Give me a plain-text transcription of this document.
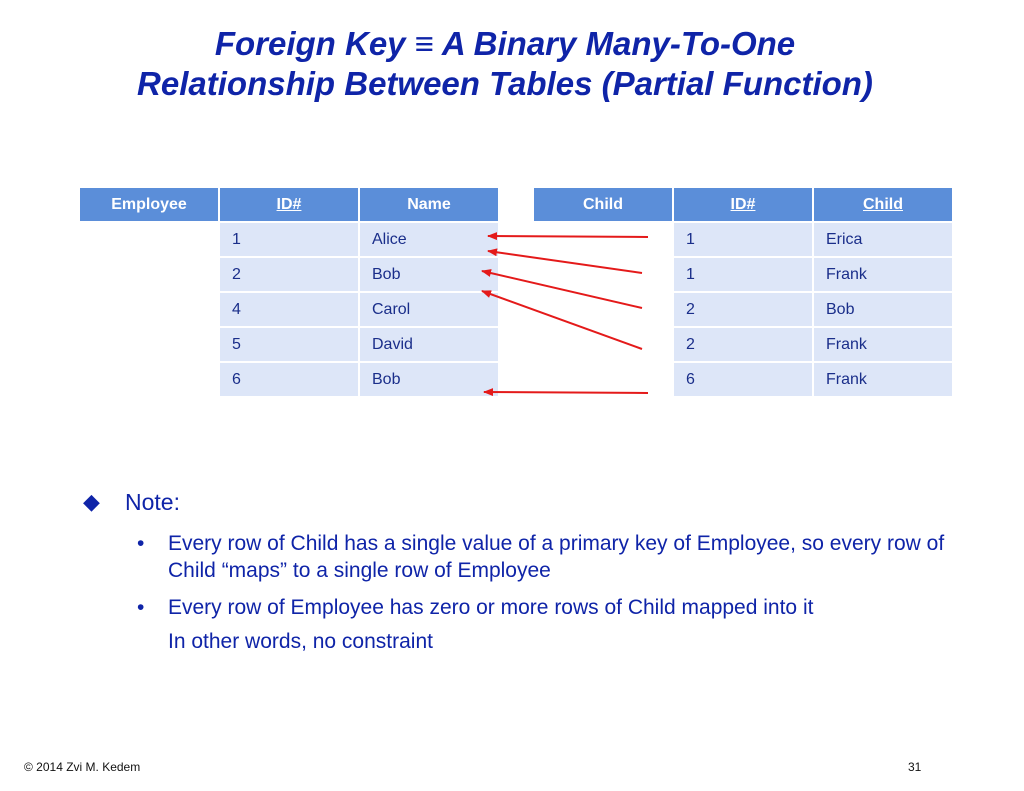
Foreign Key ≡ A Binary Many-To-One
Relationship Between Tables (Partial Function)
Employee	ID#	Name
	1	Alice
	2	Bob
	4	Carol
	5	David
	6	Bob
Child	ID#	Child
	1	Erica
	1	Frank
	2	Bob
	2	Frank
	6	Frank
◆	Note:
• Every row of Child has a single value of a primary key of Employee, so every row of Child “maps” to a single row of Employee
• Every row of Employee has zero or more rows of Child mapped into it
In other words, no constraint
© 2014 Zvi M. Kedem	31
